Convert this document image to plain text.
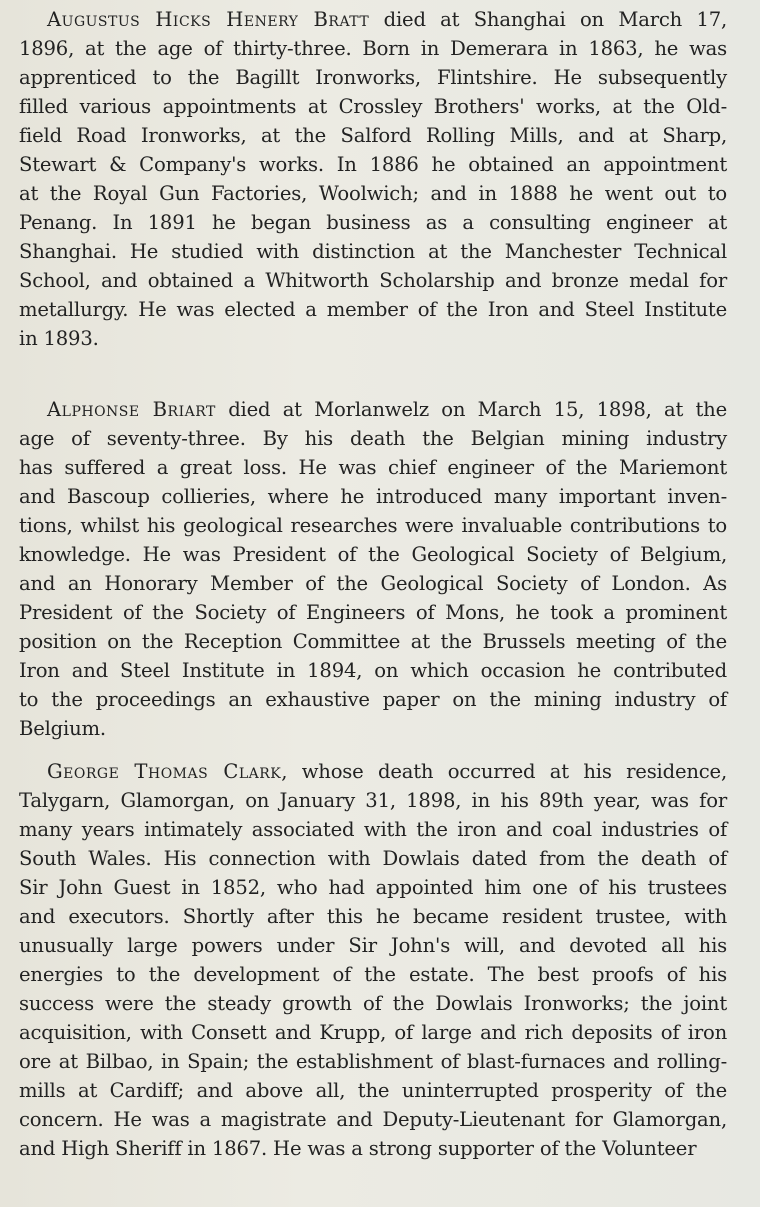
Augustus Hicks Henery Bratt died at Shanghai on March 17,
1896, at the age of thirty-three. Born in Demerara in 1863, he was
apprenticed to the Bagillt Ironworks, Flintshire. He subsequently
filled various appointments at Crossley Brothers' works, at the Old-
field Road Ironworks, at the Salford Rolling Mills, and at Sharp,
Stewart & Company's works. In 1886 he obtained an appointment
at the Royal Gun Factories, Woolwich; and in 1888 he went out to
Penang. In 1891 he began business as a consulting engineer at
Shanghai. He studied with distinction at the Manchester Technical
School, and obtained a Whitworth Scholarship and bronze medal for
metallurgy. He was elected a member of the Iron and Steel Institute
in 1893.
Alphonse Briart died at Morlanwelz on March 15, 1898, at the
age of seventy-three. By his death the Belgian mining industry
has suffered a great loss. He was chief engineer of the Mariemont
and Bascoup collieries, where he introduced many important inven-
tions, whilst his geological researches were invaluable contributions to
knowledge. He was President of the Geological Society of Belgium,
and an Honorary Member of the Geological Society of London. As
President of the Society of Engineers of Mons, he took a prominent
position on the Reception Committee at the Brussels meeting of the
Iron and Steel Institute in 1894, on which occasion he contributed
to the proceedings an exhaustive paper on the mining industry of
Belgium.
George Thomas Clark, whose death occurred at his residence,
Talygarn, Glamorgan, on January 31, 1898, in his 89th year, was for
many years intimately associated with the iron and coal industries of
South Wales. His connection with Dowlais dated from the death of
Sir John Guest in 1852, who had appointed him one of his trustees
and executors. Shortly after this he became resident trustee, with
unusually large powers under Sir John's will, and devoted all his
energies to the development of the estate. The best proofs of his
success were the steady growth of the Dowlais Ironworks; the joint
acquisition, with Consett and Krupp, of large and rich deposits of iron
ore at Bilbao, in Spain; the establishment of blast-furnaces and rolling-
mills at Cardiff; and above all, the uninterrupted prosperity of the
concern. He was a magistrate and Deputy-Lieutenant for Glamorgan,
and High Sheriff in 1867. He was a strong supporter of the Volunteer
